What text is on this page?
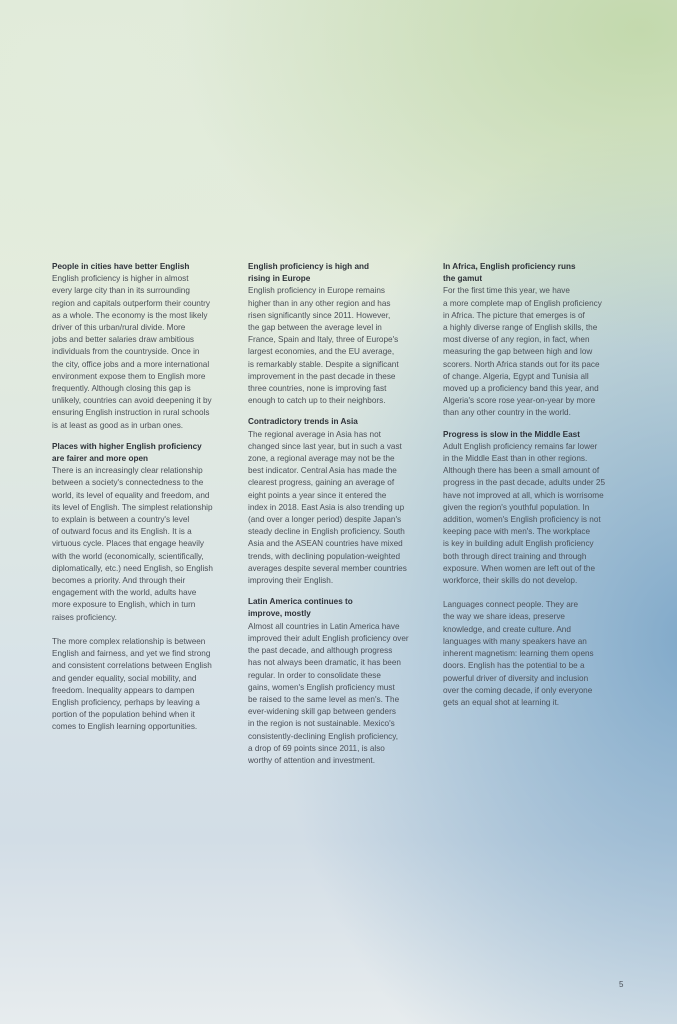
People in cities have better English

English proficiency is higher in almost
every large city than in its surrounding
region and capitals outperform their country
as a whole. The economy is the most likely
driver of this urban/rural divide. More
jobs and better salaries draw ambitious
individuals from the countryside. Once in
the city, office jobs and a more international
environment expose them to English more
frequently. Although closing this gap is
unlikely, countries can avoid deepening it by
ensuring English instruction in rural schools
is at least as good as in urban ones.

Places with higher English proficiency
are fairer and more open

There is an increasingly clear relationship
between a society's connectedness to the
world, its level of equality and freedom, and
its level of English. The simplest relationship
to explain is between a country's level
of outward focus and its English. It is a
virtuous cycle. Places that engage heavily
with the world (economically, scientifically,
diplomatically, etc.) need English, so English
becomes a priority. And through their
engagement with the world, adults have
more exposure to English, which in turn
raises proficiency.

The more complex relationship is between
English and fairness, and yet we find strong
and consistent correlations between English
and gender equality, social mobility, and
freedom. Inequality appears to dampen
English proficiency, perhaps by leaving a
portion of the population behind when it
comes to English learning opportunities.

English proficiency is high and
rising in Europe

English proficiency in Europe remains
higher than in any other region and has
risen significantly since 2011. However,
the gap between the average level in
France, Spain and Italy, three of Europe's
largest economies, and the EU average,
is remarkably stable. Despite a significant
improvement in the past decade in these
three countries, none is improving fast
enough to catch up to their neighbors.

Contradictory trends in Asia

The regional average in Asia has not
changed since last year, but in such a vast
zone, a regional average may not be the
best indicator. Central Asia has made the
clearest progress, gaining an average of
eight points a year since it entered the
index in 2018. East Asia is also trending up
(and over a longer period) despite Japan's
steady decline in English proficiency. South
Asia and the ASEAN countries have mixed
trends, with declining population-weighted
averages despite several member countries
improving their English.

Latin America continues to
improve, mostly

Almost all countries in Latin America have
improved their adult English proficiency over
the past decade, and although progress
has not always been dramatic, it has been
regular. In order to consolidate these
gains, women's English proficiency must
be raised to the same level as men's. The
ever-widening skill gap between genders
in the region is not sustainable. Mexico's
consistently-declining English proficiency,
a drop of 69 points since 2011, is also
worthy of attention and investment.

In Africa, English proficiency runs
the gamut

For the first time this year, we have
a more complete map of English proficiency
in Africa. The picture that emerges is of
a highly diverse range of English skills, the
most diverse of any region, in fact, when
measuring the gap between high and low
scorers. North Africa stands out for its pace
of change. Algeria, Egypt and Tunisia all
moved up a proficiency band this year, and
Algeria's score rose year-on-year by more
than any other country in the world.

Progress is slow in the Middle East

Adult English proficiency remains far lower
in the Middle East than in other regions.
Although there has been a small amount of
progress in the past decade, adults under 25
have not improved at all, which is worrisome
given the region's youthful population. In
addition, women's English proficiency is not
keeping pace with men's. The workplace
is key in building adult English proficiency
both through direct training and through
exposure. When women are left out of the
workforce, their skills do not develop.

Languages connect people. They are
the way we share ideas, preserve
knowledge, and create culture. And
languages with many speakers have an
inherent magnetism: learning them opens
doors. English has the potential to be a
powerful driver of diversity and inclusion
over the coming decade, if only everyone
gets an equal shot at learning it.

5
